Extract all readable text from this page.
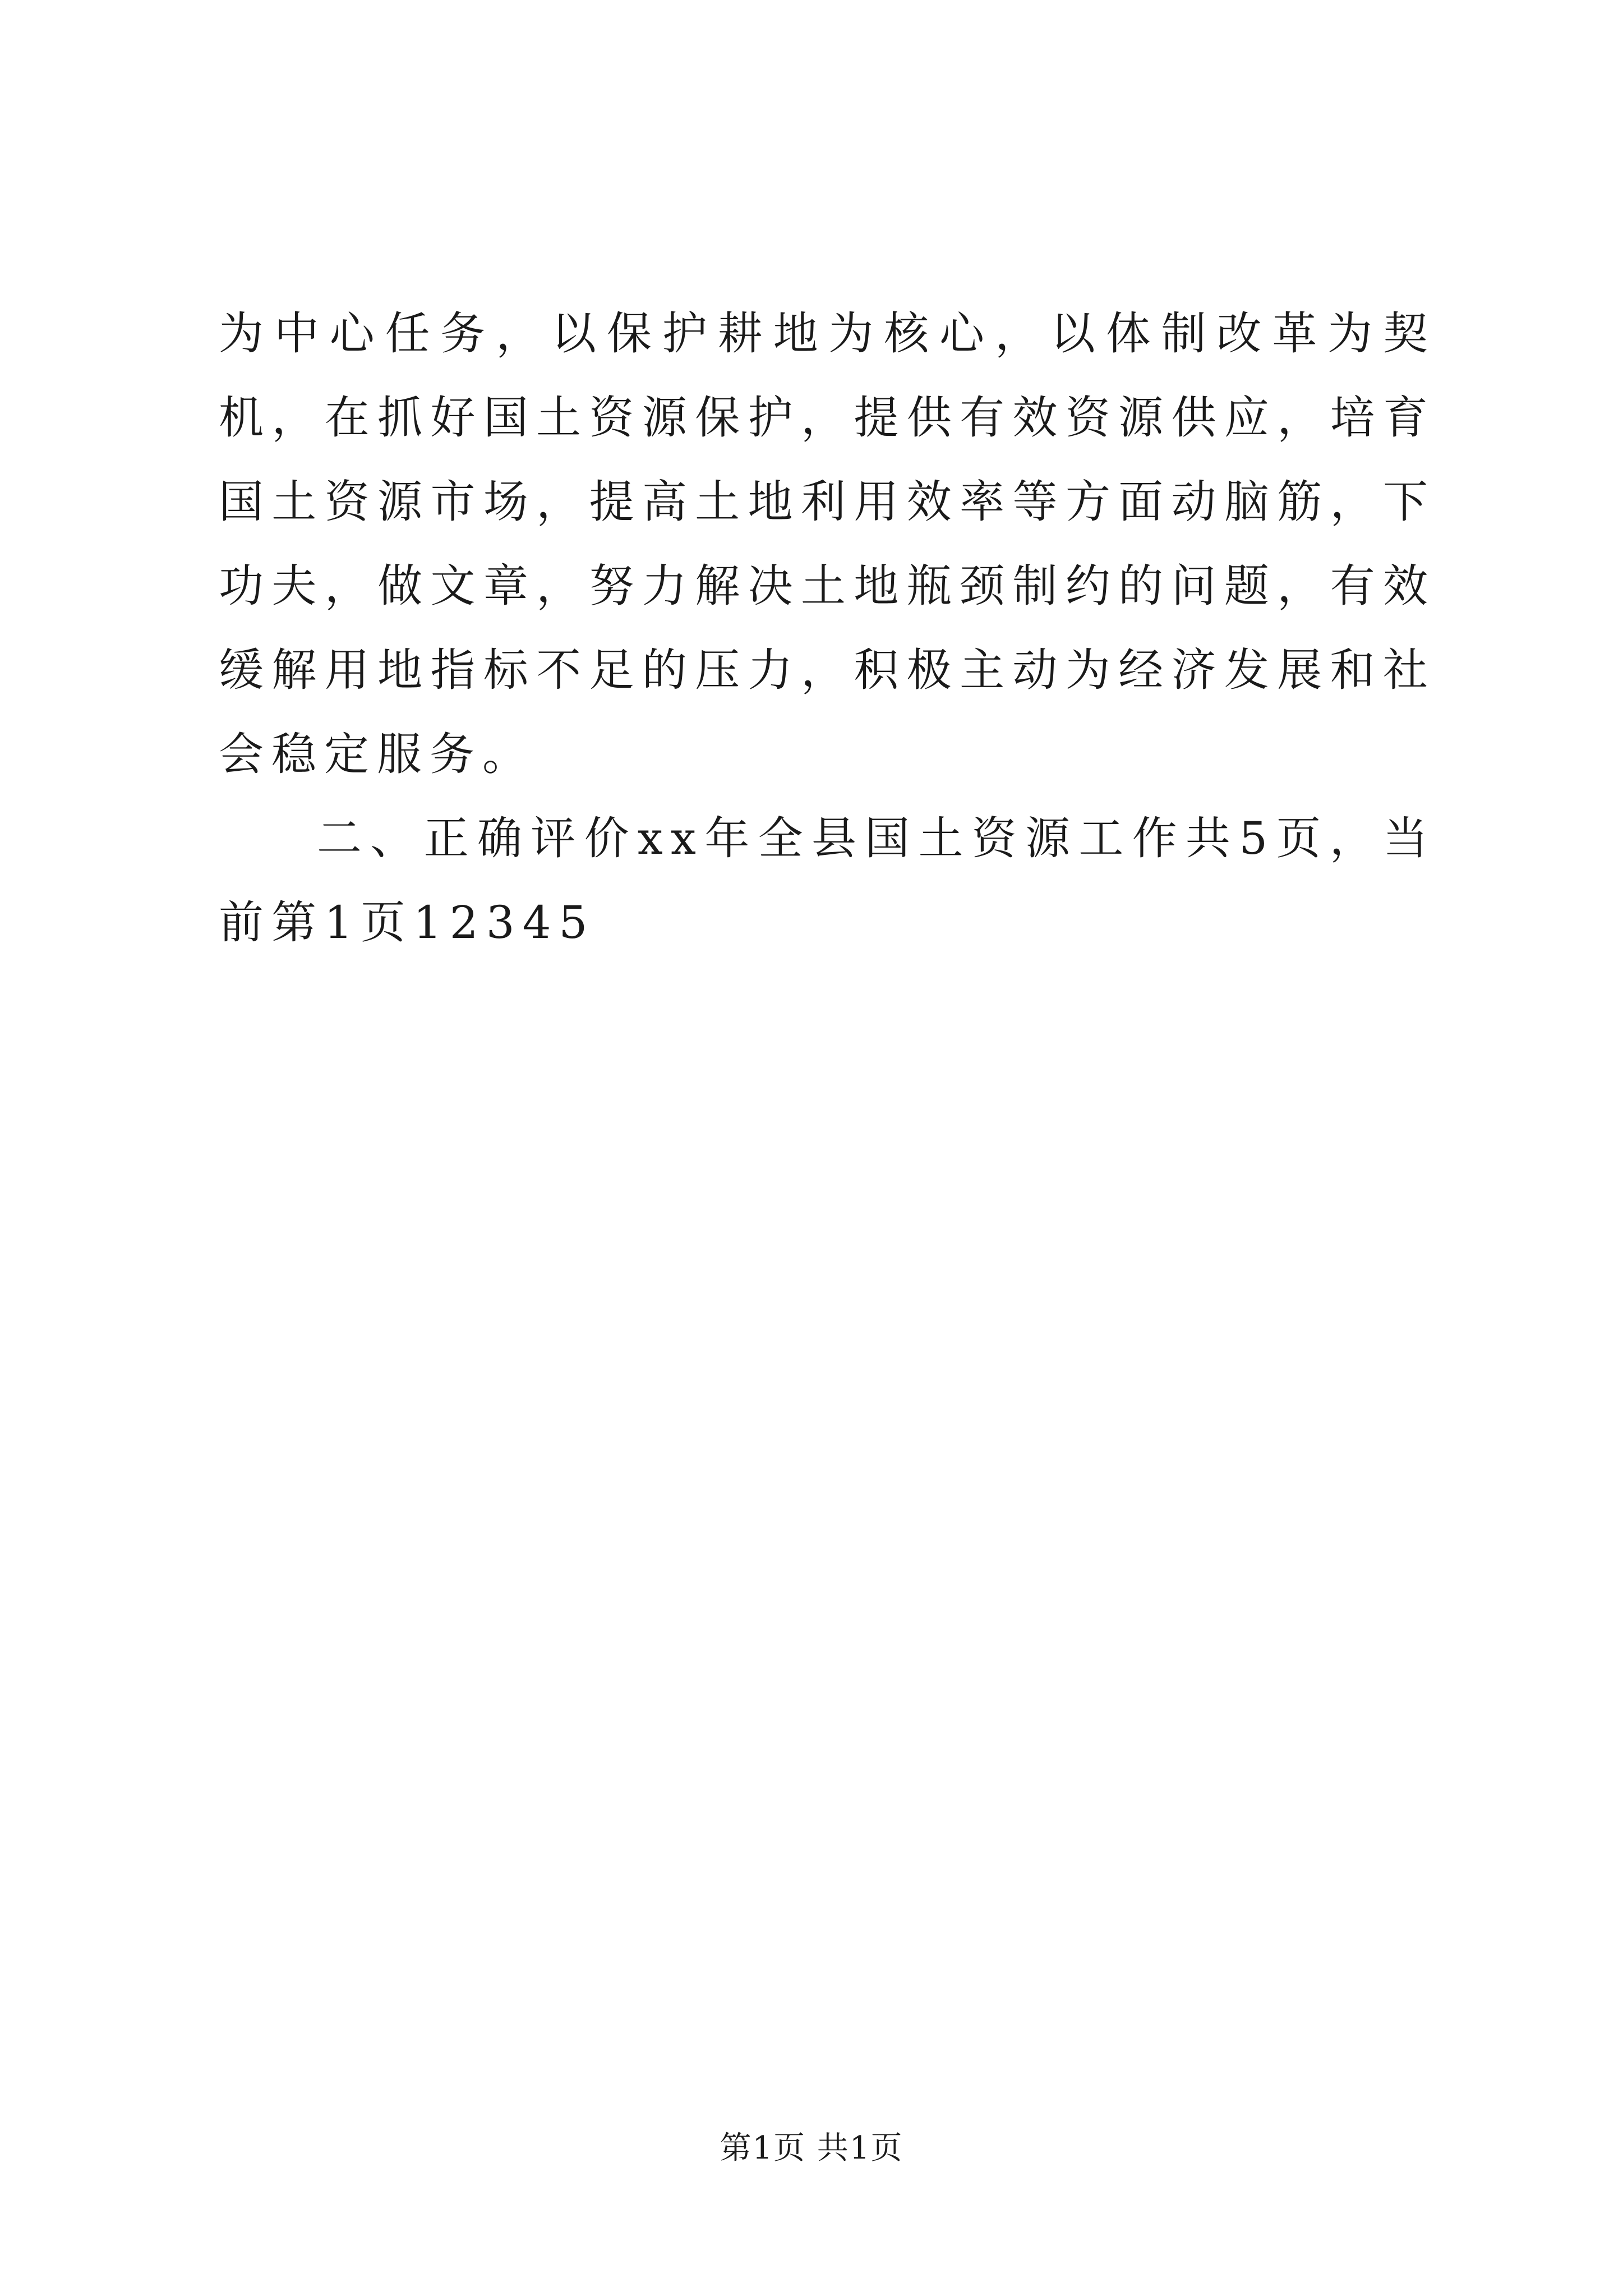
为中心任务，以保护耕地为核心，以体制改革为契机，在抓好国土资源保护，提供有效资源供应，培育国土资源市场，提高土地利用效率等方面动脑筋，下功夫，做文章，努力解决土地瓶颈制约的问题，有效缓解用地指标不足的压力，积极主动为经济发展和社会稳定服务。

二、正确评价xx年全县国土资源工作共5页，当前第1页12345

第1页 共1页
